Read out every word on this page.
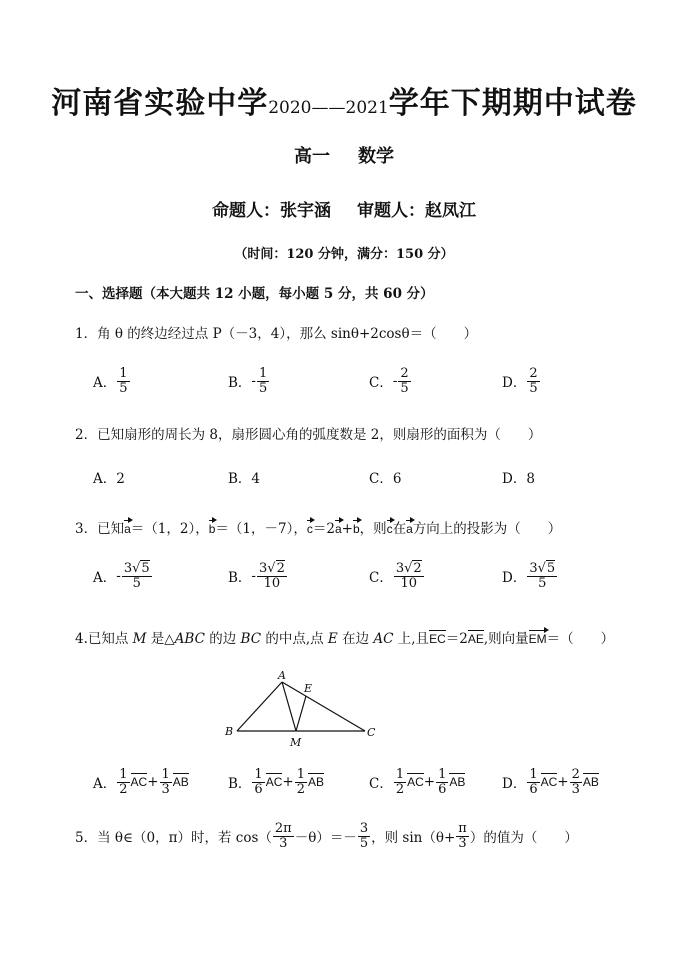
河南省实验中学2020——2021学年下期期中试卷
高一 数学
命题人：张宇涵 审题人：赵凤江
（时间：120 分钟，满分：150 分）
一、选择题（本大题共 12 小题，每小题 5 分，共 60 分）
1．角 θ 的终边经过点 P（－3，4），那么 sinθ+2cosθ＝（　　）
A． $\frac{1}{5}$	B． - $\frac{1}{5}$	C． - $\frac{2}{5}$	D． $\frac{2}{5}$
2．已知扇形的周长为 8，扇形圆心角的弧度数是 2，则扇形的面积为（　　）
A．2	B．4	C．6	D．8
3．已知a＝（1，2），b＝（1，－7），c＝2a+b，则c在a方向上的投影为（　　）
A． - $\frac{3√5}{5}$	B． - $\frac{3√2}{10}$	C． $\frac{3√2}{10}$	D． $\frac{3√5}{5}$
4.已知点 M 是△ABC 的边 BC 的中点,点 E 在边 AC 上,且EC＝2AE,则向量EM＝（　　）
A
E
B
M
C
A． $\frac{1}{2}$ AC + $\frac{1}{3}$ AB	B． $\frac{1}{6}$ AC + $\frac{1}{2}$ AB	C． $\frac{1}{2}$ AC + $\frac{1}{6}$ AB	D． $\frac{1}{6}$ AC + $\frac{2}{3}$ AB
5．当 θ∈（0，π）时，若 $\cos( \frac{2\pi}{3} -\theta)=- \frac{3}{5}$ ，则 $\sin(\theta+ \frac{\pi}{3}$ ）的值为（　　）
